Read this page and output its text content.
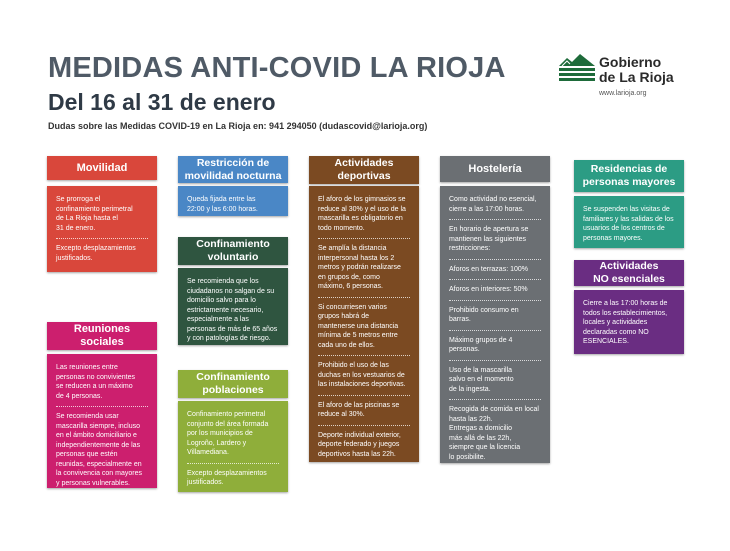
MEDIDAS ANTI-COVID LA RIOJA
Del 16 al 31 de enero
Dudas sobre las Medidas COVID-19 en La Rioja en: 941 294050 (dudascovid@larioja.org)
Gobierno
de La Rioja
www.larioja.org
Movilidad
Se prorroga el
confinamiento perimetral
de La Rioja hasta el
31 de enero.
Excepto desplazamientos
justificados.
Reuniones
sociales
Las reuniones entre
personas no convivientes
se reducen a un máximo
de 4 personas.
Se recomienda usar
mascarilla siempre, incluso
en el ámbito domiciliario e
independientemente de las
personas que estén
reunidas, especialmente en
la convivencia con mayores
y personas vulnerables.
Restricción de
movilidad nocturna
Queda fijada entre las
22:00 y las 6:00 horas.
Confinamiento
voluntario
Se recomienda que los
ciudadanos no salgan de su
domicilio salvo para lo
estrictamente necesario,
especialmente a las
personas de más de 65 años
y con patologías de riesgo.
Confinamiento
poblaciones
Confinamiento perimetral
conjunto del área formada
por los municipios de
Logroño, Lardero y
Villamediana.
Excepto desplazamientos
justificados.
Actividades
deportivas
El aforo de los gimnasios se
reduce al 30% y el uso de la
mascarilla es obligatorio en
todo momento.
Se amplía la distancia
interpersonal hasta los 2
metros y podrán realizarse
en grupos de, como
máximo, 6 personas.
Si concurriesen varios
grupos habrá de
mantenerse una distancia
mínima de 5 metros entre
cada uno de ellos.
Prohibido el uso de las
duchas en los vestuarios de
las instalaciones deportivas.
El aforo de las piscinas se
reduce al 30%.
Deporte individual exterior,
deporte federado y juegos
deportivos hasta las 22h.
Hostelería
Como actividad no esencial,
cierre a las 17:00 horas.
En horario de apertura se
mantienen las siguientes
restricciones:
Aforos en terrazas: 100%
Aforos en interiores: 50%
Prohibido consumo en
barras.
Máximo grupos de 4
personas.
Uso de la mascarilla
salvo en el momento
de la ingesta.
Recogida de comida en local
hasta las 22h.
Entregas a domicilio
más allá de las 22h,
siempre que la licencia
lo posibilite.
Residencias de
personas mayores
Se suspenden las visitas de
familiares y las salidas de los
usuarios de los centros de
personas mayores.
Actividades
NO esenciales
Cierre a las 17:00 horas de
todos los establecimientos,
locales y actividades
declaradas como NO
ESENCIALES.
